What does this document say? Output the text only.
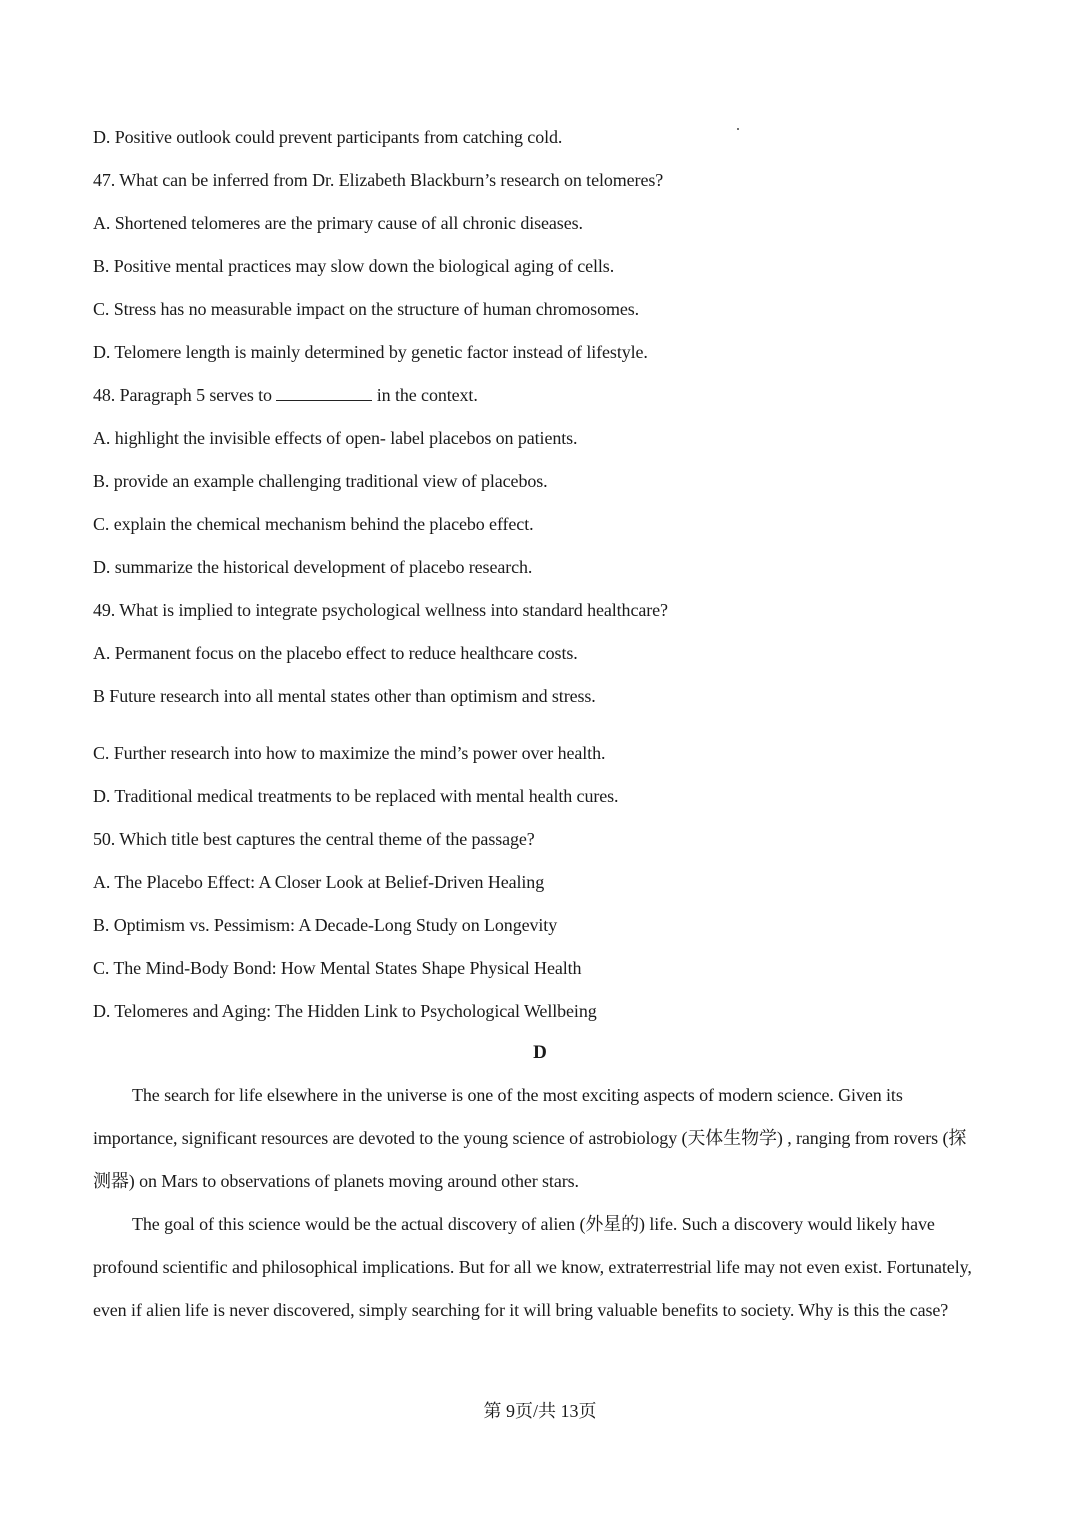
D. Positive outlook could prevent participants from catching cold.
47. What can be inferred from Dr. Elizabeth Blackburn’s research on telomeres?
A. Shortened telomeres are the primary cause of all chronic diseases.
B. Positive mental practices may slow down the biological aging of cells.
C. Stress has no measurable impact on the structure of human chromosomes.
D. Telomere length is mainly determined by genetic factor instead of lifestyle.
48. Paragraph 5 serves to	in the context.
A. highlight the invisible effects of open- label placebos on patients.
B. provide an example challenging traditional view of placebos.
C. explain the chemical mechanism behind the placebo effect.
D. summarize the historical development of placebo research.
49. What is implied to integrate psychological wellness into standard healthcare?
A. Permanent focus on the placebo effect to reduce healthcare costs.
B Future research into all mental states other than optimism and stress.
C. Further research into how to maximize the mind’s power over health.
D. Traditional medical treatments to be replaced with mental health cures.
50. Which title best captures the central theme of the passage?
A. The Placebo Effect: A Closer Look at Belief-Driven Healing
B. Optimism vs. Pessimism: A Decade-Long Study on Longevity
C. The Mind-Body Bond: How Mental States Shape Physical Health
D. Telomeres and Aging: The Hidden Link to Psychological Wellbeing
D
The search for life elsewhere in the universe is one of the most exciting aspects of modern science. Given its importance, significant resources are devoted to the young science of astrobiology (天体生物学) , ranging from rovers (探测器) on Mars to observations of planets moving around other stars.
The goal of this science would be the actual discovery of alien (外星的) life. Such a discovery would likely have profound scientific and philosophical implications. But for all we know, extraterrestrial life may not even exist. Fortunately, even if alien life is never discovered, simply searching for it will bring valuable benefits to society. Why is this the case?
第 9页/共 13页
